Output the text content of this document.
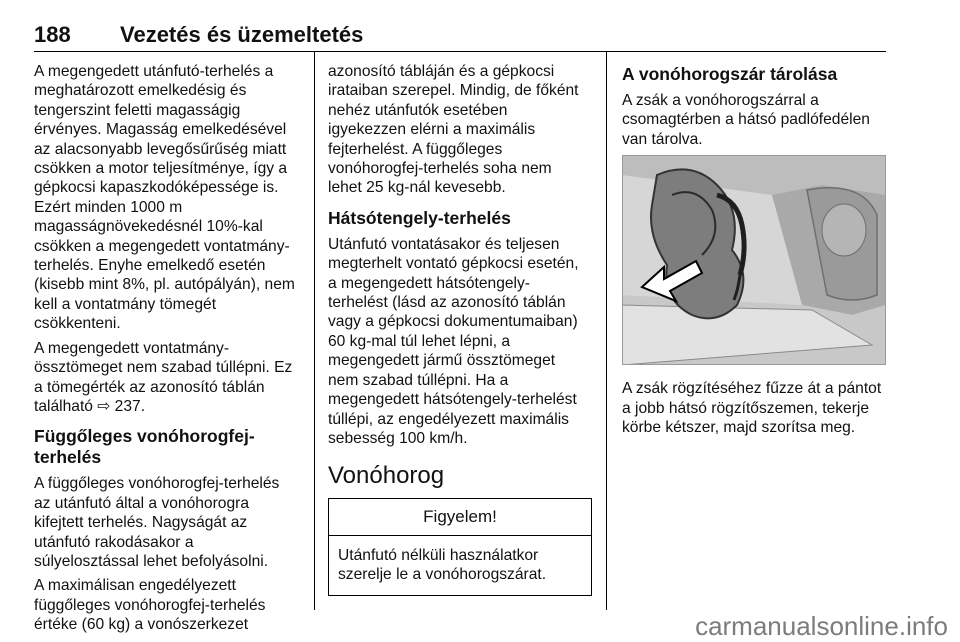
188 Vezetés és üzemeltetés

A megengedett utánfutó-terhelés a
meghatározott emelkedésig és
tengerszint feletti magasságig
érvényes. Magasság emelkedésével
az alacsonyabb levegősűrűség miatt
csökken a motor teljesítménye, így a
gépkocsi kapaszkodóképessége is.
Ezért minden 1000 m
magasságnövekedésnél 10%-kal
csökken a megengedett vontatmány-
terhelés. Enyhe emelkedő esetén
(kisebb mint 8%, pl. autópályán), nem
kell a vontatmány tömegét
csökkenteni.

A megengedett vontatmány-
össztömeget nem szabad túllépni. Ez
a tömegérték az azonosító táblán
található ⇨ 237.

Függőleges vonóhorogfej-
terhelés

A függőleges vonóhorogfej-terhelés
az utánfutó által a vonóhorogra
kifejtett terhelés. Nagyságát az
utánfutó rakodásakor a
súlyelosztással lehet befolyásolni.

A maximálisan engedélyezett
függőleges vonóhorogfej-terhelés
értéke (60 kg) a vonószerkezet

azonosító tábláján és a gépkocsi
irataiban szerepel. Mindig, de főként
nehéz utánfutók esetében
igyekezzen elérni a maximális
fejterhelést. A függőleges
vonóhorogfej-terhelés soha nem
lehet 25 kg-nál kevesebb.

Hátsótengely-terhelés

Utánfutó vontatásakor és teljesen
megterhelt vontató gépkocsi esetén,
a megengedett hátsótengely-
terhelést (lásd az azonosító táblán
vagy a gépkocsi dokumentumaiban)
60 kg-mal túl lehet lépni, a
megengedett jármű össztömeget
nem szabad túllépni. Ha a
megengedett hátsótengely-terhelést
túllépi, az engedélyezett maximális
sebesség 100 km/h.

Vonóhorog
Figyelem!
Utánfutó nélküli használatkor
szerelje le a vonóhorogszárat.
A vonóhorogszár tárolása

A zsák a vonóhorogszárral a
csomagtérben a hátsó padlófedélen
van tárolva.

A zsák rögzítéséhez fűzze át a pántot
a jobb hátsó rögzítőszemen, tekerje
körbe kétszer, majd szorítsa meg.

carmanualsonline.info
